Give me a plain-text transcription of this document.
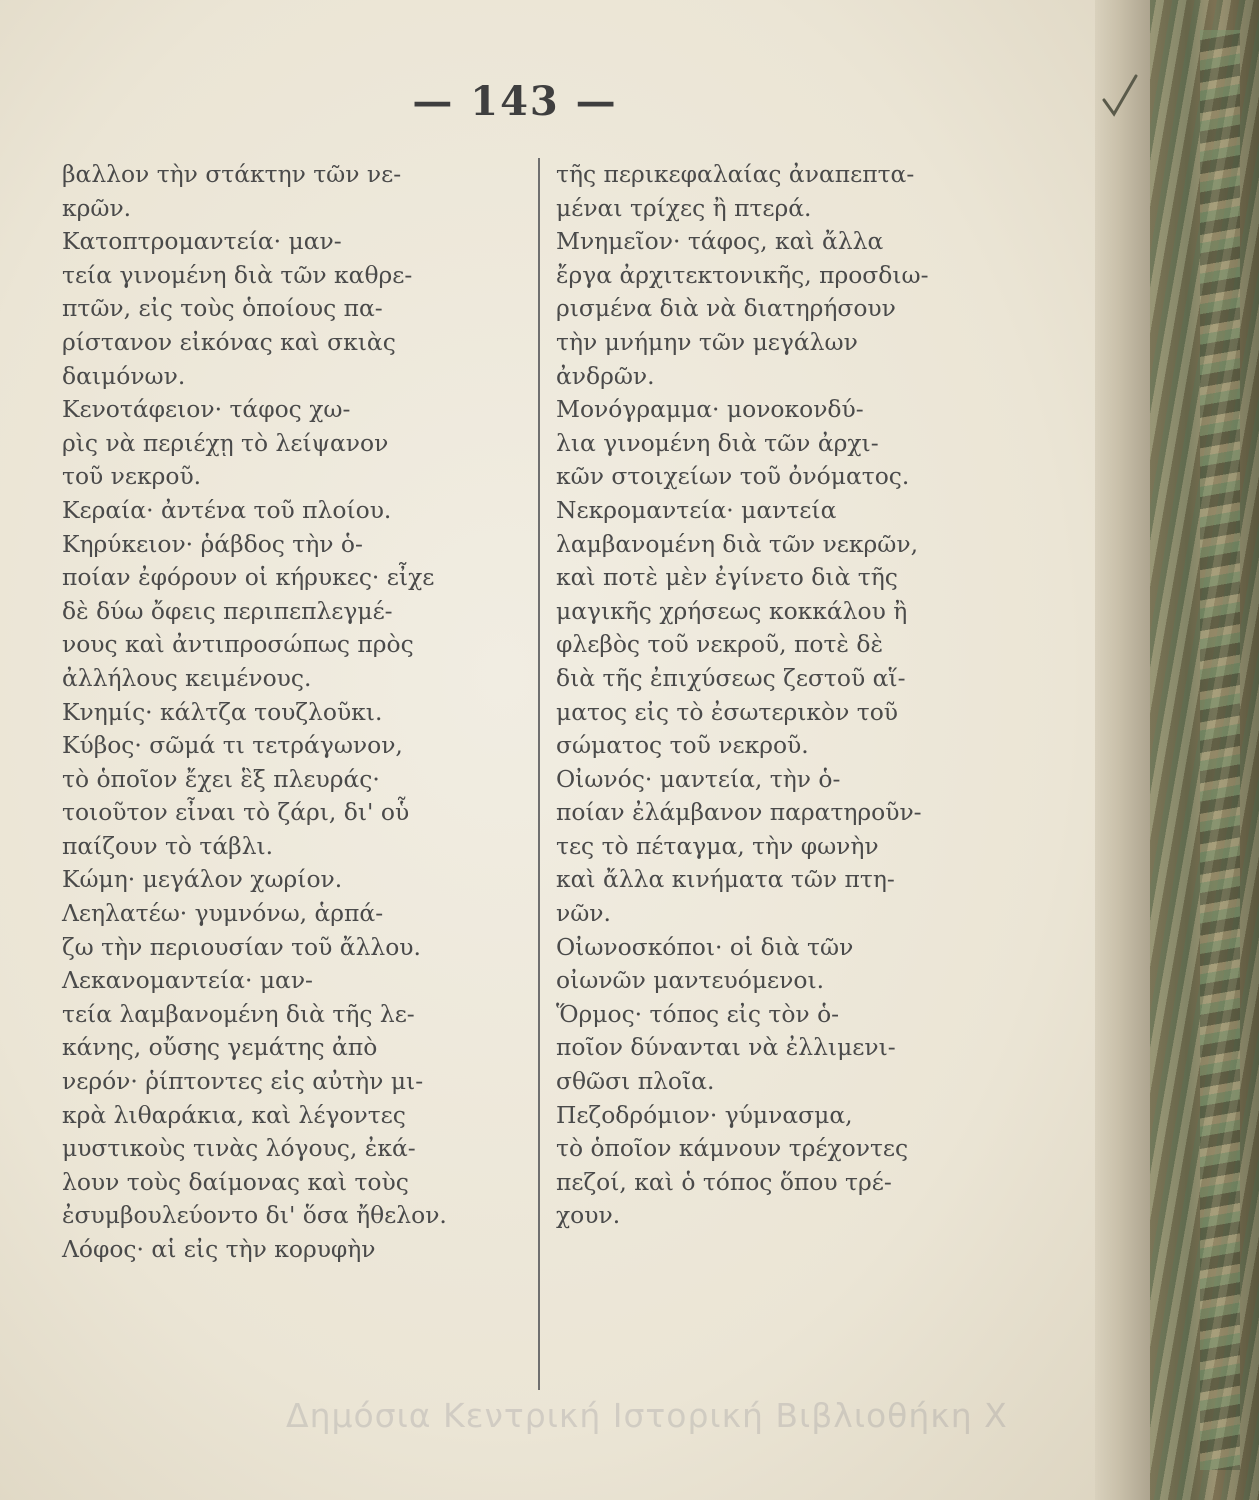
— 143 —

βαλλον τὴν στάκτην τῶν νε-

κρῶν.

Κατοπτρομαντεία· μαν-

τεία γινομένη διὰ τῶν καθρε-

πτῶν, εἰς τοὺς ὁποίους πα-

ρίστανον εἰκόνας καὶ σκιὰς

δαιμόνων.

Κενοτάφειον· τάφος χω-

ρὶς νὰ περιέχῃ τὸ λείψανον

τοῦ νεκροῦ.

Κεραία· ἀντένα τοῦ πλοίου.

Κηρύκειον· ῥάβδος τὴν ὁ-

ποίαν ἐφόρουν οἱ κήρυκες· εἶχε

δὲ δύω ὄφεις περιπεπλεγμέ-

νους καὶ ἀντιπροσώπως πρὸς

ἀλλήλους κειμένους.

Κνημίς· κάλτζα τουζλοῦκι.

Κύβος· σῶμά τι τετράγωνον,

τὸ ὁποῖον ἔχει ἓξ πλευράς·

τοιοῦτον εἶναι τὸ ζάρι, δι' οὗ

παίζουν τὸ τάβλι.

Κώμη· μεγάλον χωρίον.

Λεηλατέω· γυμνόνω, ἁρπά-

ζω τὴν περιουσίαν τοῦ ἄλλου.

Λεκανομαντεία· μαν-

τεία λαμβανομένη διὰ τῆς λε-

κάνης, οὔσης γεμάτης ἀπὸ

νερόν· ῥίπτοντες εἰς αὐτὴν μι-

κρὰ λιθαράκια, καὶ λέγοντες

μυστικοὺς τινὰς λόγους, ἐκά-

λουν τοὺς δαίμονας καὶ τοὺς

ἐσυμβουλεύοντο δι' ὅσα ἤθελον.

Λόφος· αἱ εἰς τὴν κορυφὴν

τῆς περικεφαλαίας ἀναπεπτα-

μέναι τρίχες ἢ πτερά.

Μνημεῖον· τάφος, καὶ ἄλλα

ἔργα ἀρχιτεκτονικῆς, προσδιω-

ρισμένα διὰ νὰ διατηρήσουν

τὴν μνήμην τῶν μεγάλων

ἀνδρῶν.

Μονόγραμμα· μονοκονδύ-

λια γινομένη διὰ τῶν ἀρχι-

κῶν στοιχείων τοῦ ὀνόματος.

Νεκρομαντεία· μαντεία

λαμβανομένη διὰ τῶν νεκρῶν,

καὶ ποτὲ μὲν ἐγίνετο διὰ τῆς

μαγικῆς χρήσεως κοκκάλου ἢ

φλεβὸς τοῦ νεκροῦ, ποτὲ δὲ

διὰ τῆς ἐπιχύσεως ζεστοῦ αἵ-

ματος εἰς τὸ ἐσωτερικὸν τοῦ

σώματος τοῦ νεκροῦ.

Οἰωνός· μαντεία, τὴν ὁ-

ποίαν ἐλάμβανον παρατηροῦν-

τες τὸ πέταγμα, τὴν φωνὴν

καὶ ἄλλα κινήματα τῶν πτη-

νῶν.

Οἰωνοσκόποι· οἱ διὰ τῶν

οἰωνῶν μαντευόμενοι.

Ὅρμος· τόπος εἰς τὸν ὁ-

ποῖον δύνανται νὰ ἐλλιμενι-

σθῶσι πλοῖα.

Πεζοδρόμιον· γύμνασμα,

τὸ ὁποῖον κάμνουν τρέχοντες

πεζοί, καὶ ὁ τόπος ὅπου τρέ-

χουν.

Δημόσια Κεντρική Ιστορική Βιβλιοθήκη Χ
